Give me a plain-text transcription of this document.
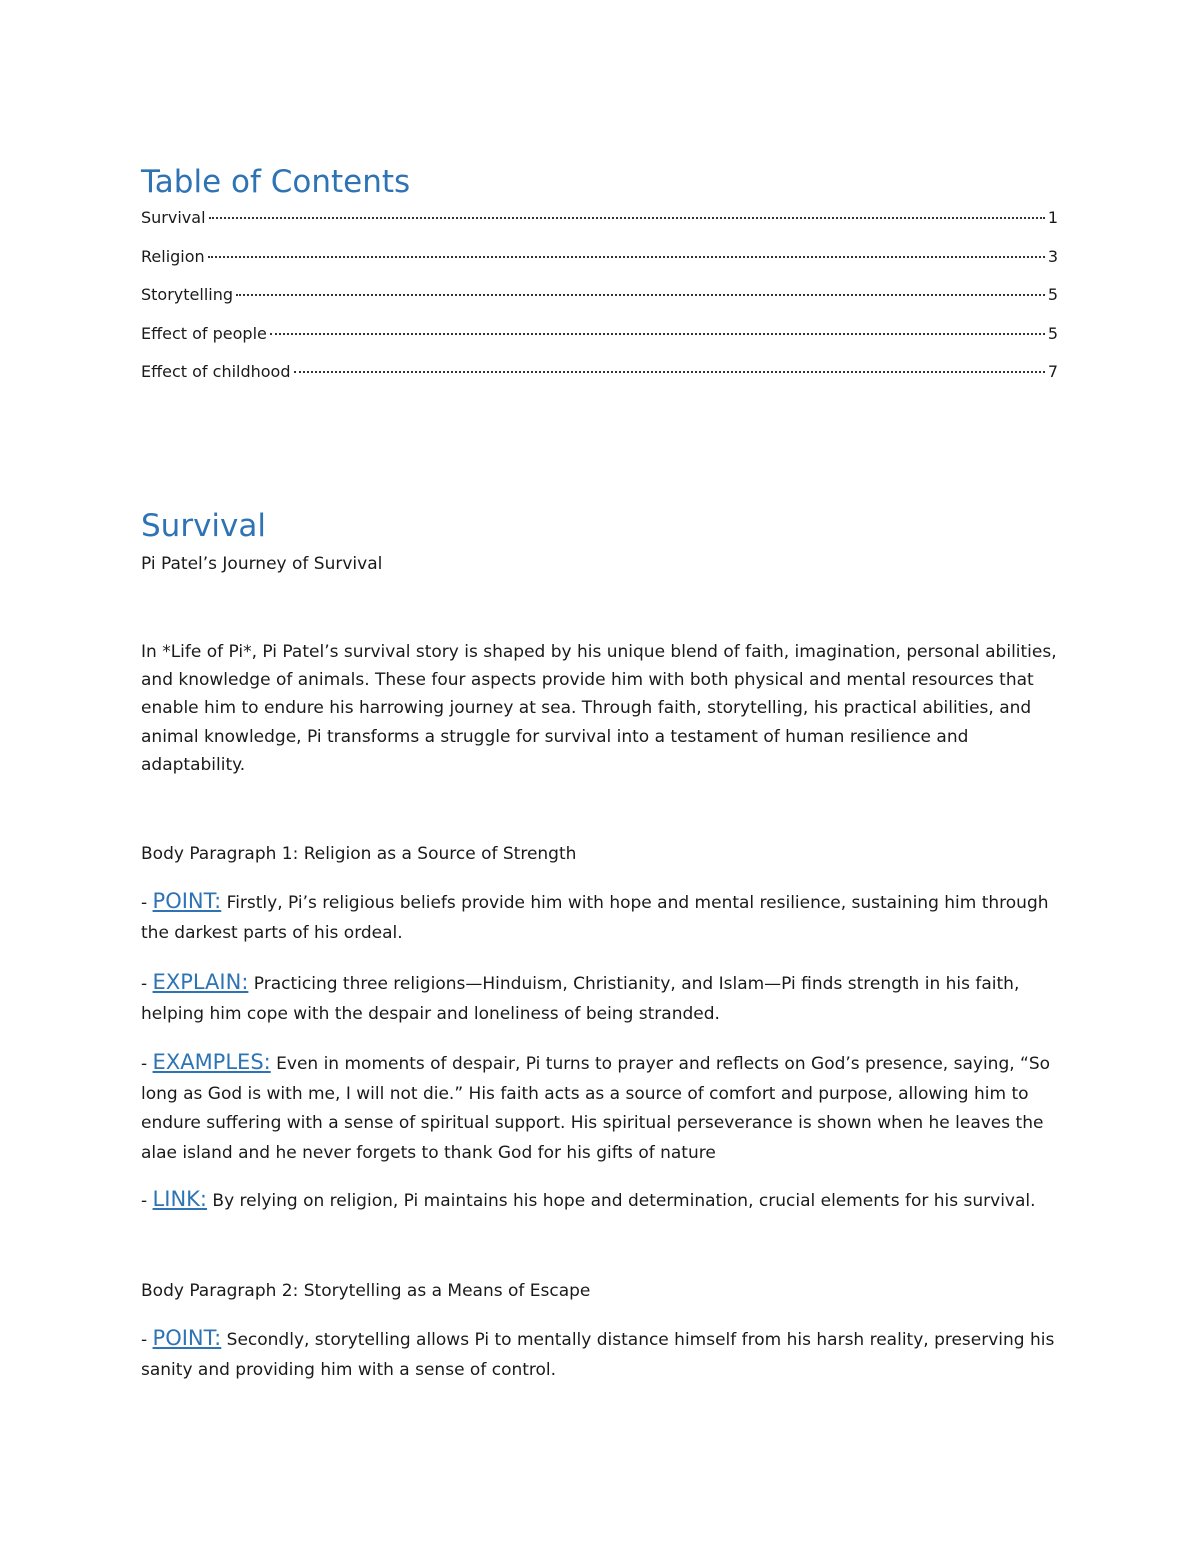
Table of Contents
Survival	1
Religion	3
Storytelling	5
Effect of people	5
Effect of childhood	7
Survival

Pi Patel’s Journey of Survival

In *Life of Pi*, Pi Patel’s survival story is shaped by his unique blend of faith, imagination, personal abilities, and knowledge of animals. These four aspects provide him with both physical and mental resources that enable him to endure his harrowing journey at sea. Through faith, storytelling, his practical abilities, and animal knowledge, Pi transforms a struggle for survival into a testament of human resilience and adaptability.

Body Paragraph 1: Religion as a Source of Strength

- POINT: Firstly, Pi’s religious beliefs provide him with hope and mental resilience, sustaining him through the darkest parts of his ordeal.

- EXPLAIN: Practicing three religions—Hinduism, Christianity, and Islam—Pi finds strength in his faith, helping him cope with the despair and loneliness of being stranded.

- EXAMPLES: Even in moments of despair, Pi turns to prayer and reflects on God’s presence, saying, “So long as God is with me, I will not die.” His faith acts as a source of comfort and purpose, allowing him to endure suffering with a sense of spiritual support. His spiritual perseverance is shown when he leaves the alae island and he never forgets to thank God for his gifts of nature

- LINK: By relying on religion, Pi maintains his hope and determination, crucial elements for his survival.

Body Paragraph 2: Storytelling as a Means of Escape

- POINT: Secondly, storytelling allows Pi to mentally distance himself from his harsh reality, preserving his sanity and providing him with a sense of control.
